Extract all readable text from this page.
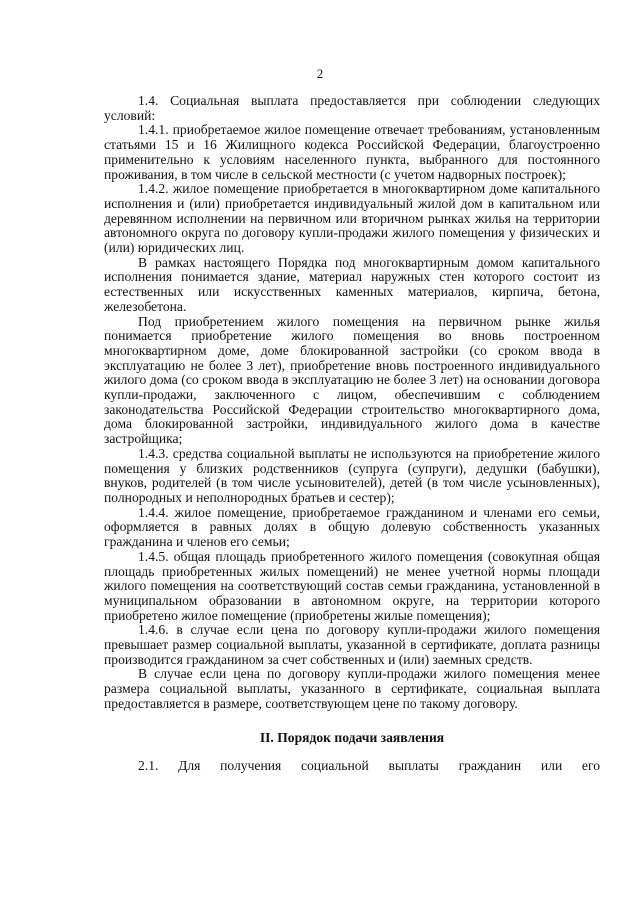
2

1.4. Социальная выплата предоставляется при соблюдении следующих условий:

1.4.1. приобретаемое жилое помещение отвечает требованиям, установленным статьями 15 и 16 Жилищного кодекса Российской Федерации, благоустроенно применительно к условиям населенного пункта, выбранного для постоянного проживания, в том числе в сельской местности (с учетом надворных построек);

1.4.2. жилое помещение приобретается в многоквартирном доме капитального исполнения и (или) приобретается индивидуальный жилой дом в капитальном или деревянном исполнении на первичном или вторичном рынках жилья на территории автономного округа по договору купли-продажи жилого помещения у физических и (или) юридических лиц.

В рамках настоящего Порядка под многоквартирным домом капитального исполнения понимается здание, материал наружных стен которого состоит из естественных или искусственных каменных материалов, кирпича, бетона, железобетона.

Под приобретением жилого помещения на первичном рынке жилья понимается приобретение жилого помещения во вновь построенном многоквартирном доме, доме блокированной застройки (со сроком ввода в эксплуатацию не более 3 лет), приобретение вновь построенного индивидуального жилого дома (со сроком ввода в эксплуатацию не более 3 лет) на основании договора купли-продажи, заключенного с лицом, обеспечившим с соблюдением законодательства Российской Федерации строительство многоквартирного дома, дома блокированной застройки, индивидуального жилого дома в качестве застройщика;

1.4.3. средства социальной выплаты не используются на приобретение жилого помещения у близких родственников (супруга (супруги), дедушки (бабушки), внуков, родителей (в том числе усыновителей), детей (в том числе усыновленных), полнородных и неполнородных братьев и сестер);

1.4.4. жилое помещение, приобретаемое гражданином и членами его семьи, оформляется в равных долях в общую долевую собственность указанных гражданина и членов его семьи;

1.4.5. общая площадь приобретенного жилого помещения (совокупная общая площадь приобретенных жилых помещений) не менее учетной нормы площади жилого помещения на соответствующий состав семьи гражданина, установленной в муниципальном образовании в автономном округе, на территории которого приобретено жилое помещение (приобретены жилые помещения);

1.4.6. в случае если цена по договору купли-продажи жилого помещения превышает размер социальной выплаты, указанной в сертификате, доплата разницы производится гражданином за счет собственных и (или) заемных средств.

В случае если цена по договору купли-продажи жилого помещения менее размера социальной выплаты, указанного в сертификате, социальная выплата предоставляется в размере, соответствующем цене по такому договору.

II. Порядок подачи заявления

2.1. Для получения социальной выплаты гражданин или его
